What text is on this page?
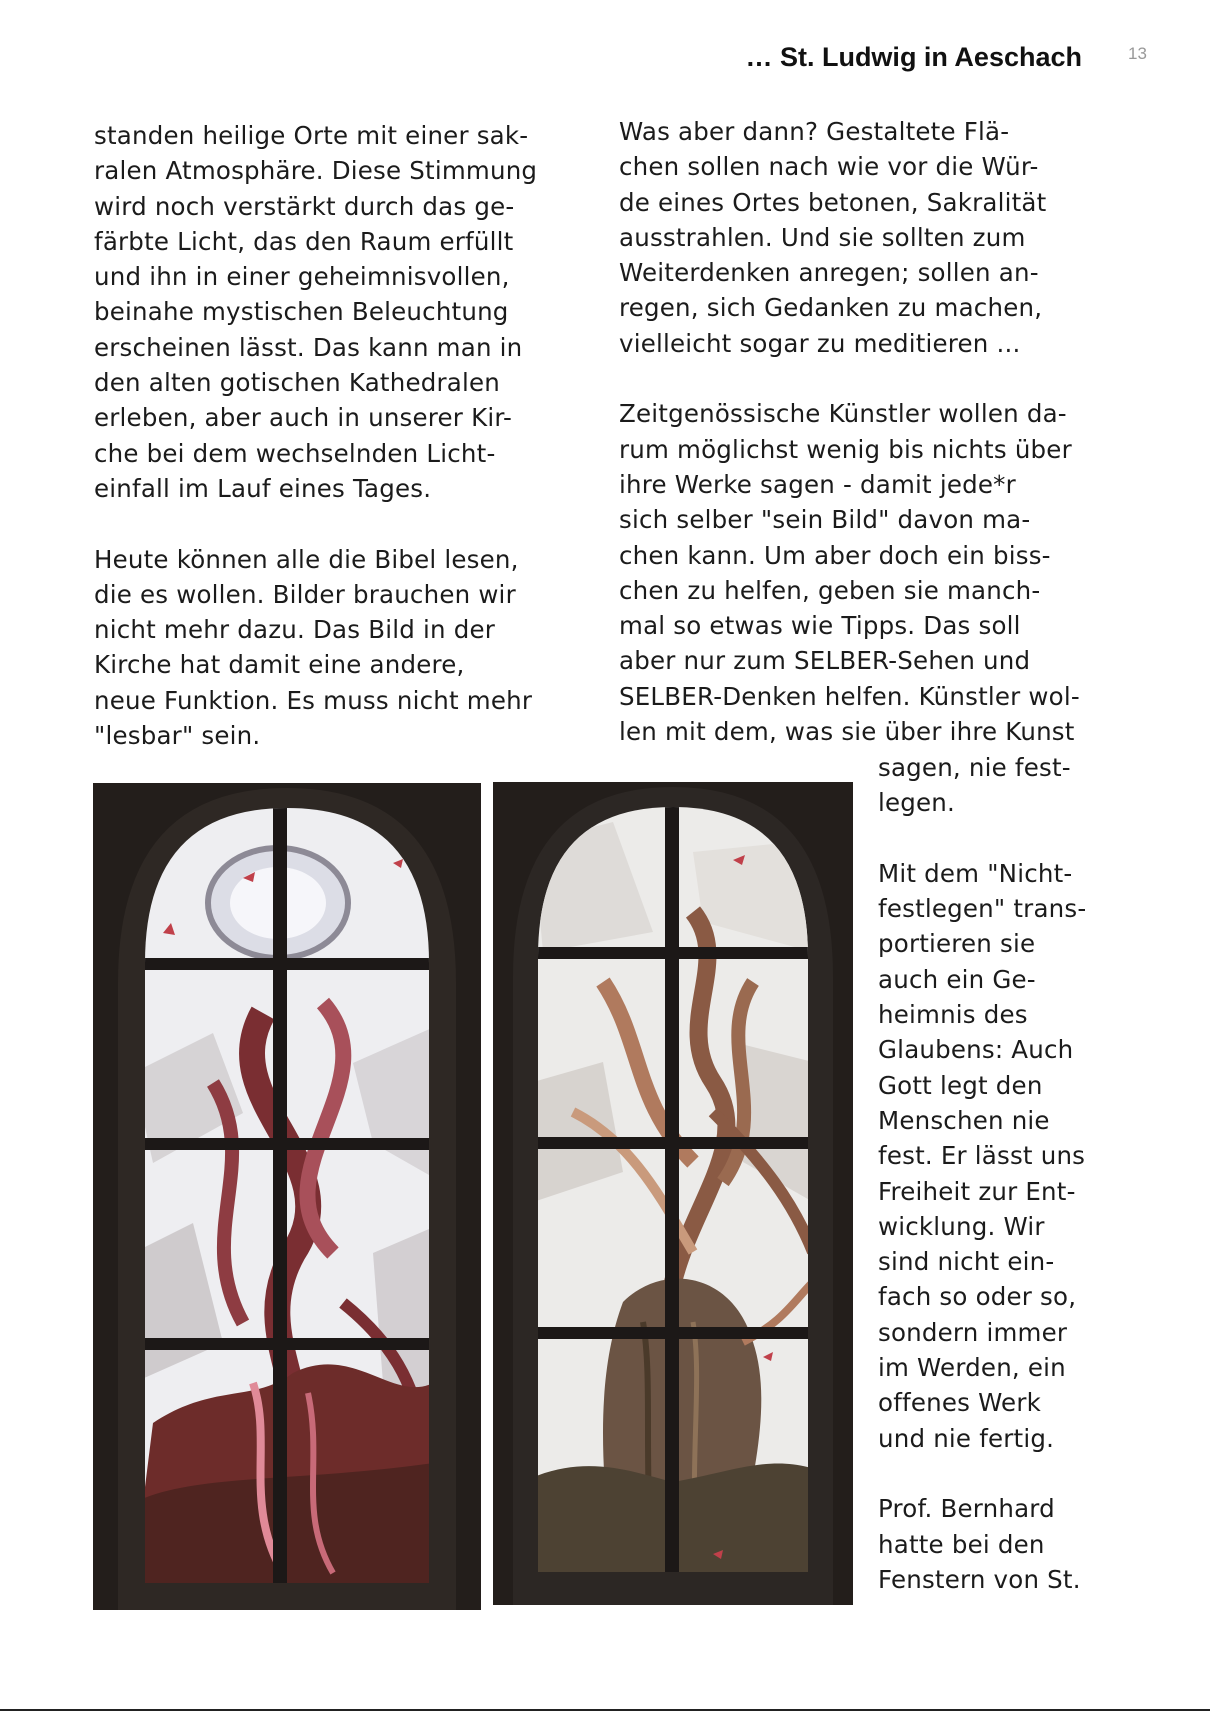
… St. Ludwig in Aeschach	13
standen heilige Orte mit einer sak-
ralen Atmosphäre. Diese Stimmung
wird noch verstärkt durch das ge-
färbte Licht, das den Raum erfüllt
und ihn in einer geheimnisvollen,
beinahe mystischen Beleuchtung
erscheinen lässt. Das kann man in
den alten gotischen Kathedralen
erleben, aber auch in unserer Kir-
che bei dem wechselnden Licht-
einfall im Lauf eines Tages.
Heute können alle die Bibel lesen,
die es wollen. Bilder brauchen wir
nicht mehr dazu. Das Bild in der
Kirche hat damit eine andere,
neue Funktion. Es muss nicht mehr
"lesbar" sein.
Was aber dann? Gestaltete Flä-
chen sollen nach wie vor die Wür-
de eines Ortes betonen, Sakralität
ausstrahlen. Und sie sollten zum
Weiterdenken anregen; sollen an-
regen, sich Gedanken zu machen,
vielleicht sogar zu meditieren ...
Zeitgenössische Künstler wollen da-
rum möglichst wenig bis nichts über
ihre Werke sagen - damit jede*r
sich selber "sein Bild" davon ma-
chen kann. Um aber doch ein biss-
chen zu helfen, geben sie manch-
mal so etwas wie Tipps. Das soll
aber nur zum SELBER-Sehen und
SELBER-Denken helfen. Künstler wol-
len mit dem, was sie über ihre Kunst
sagen, nie fest-
legen.
Mit dem "Nicht-
festlegen" trans-
portieren sie
auch ein Ge-
heimnis des
Glaubens: Auch
Gott legt den
Menschen nie
fest. Er lässt uns
Freiheit zur Ent-
wicklung. Wir
sind nicht ein-
fach so oder so,
sondern immer
im Werden, ein
offenes Werk
und nie fertig.
Prof. Bernhard
hatte bei den
Fenstern von St.
